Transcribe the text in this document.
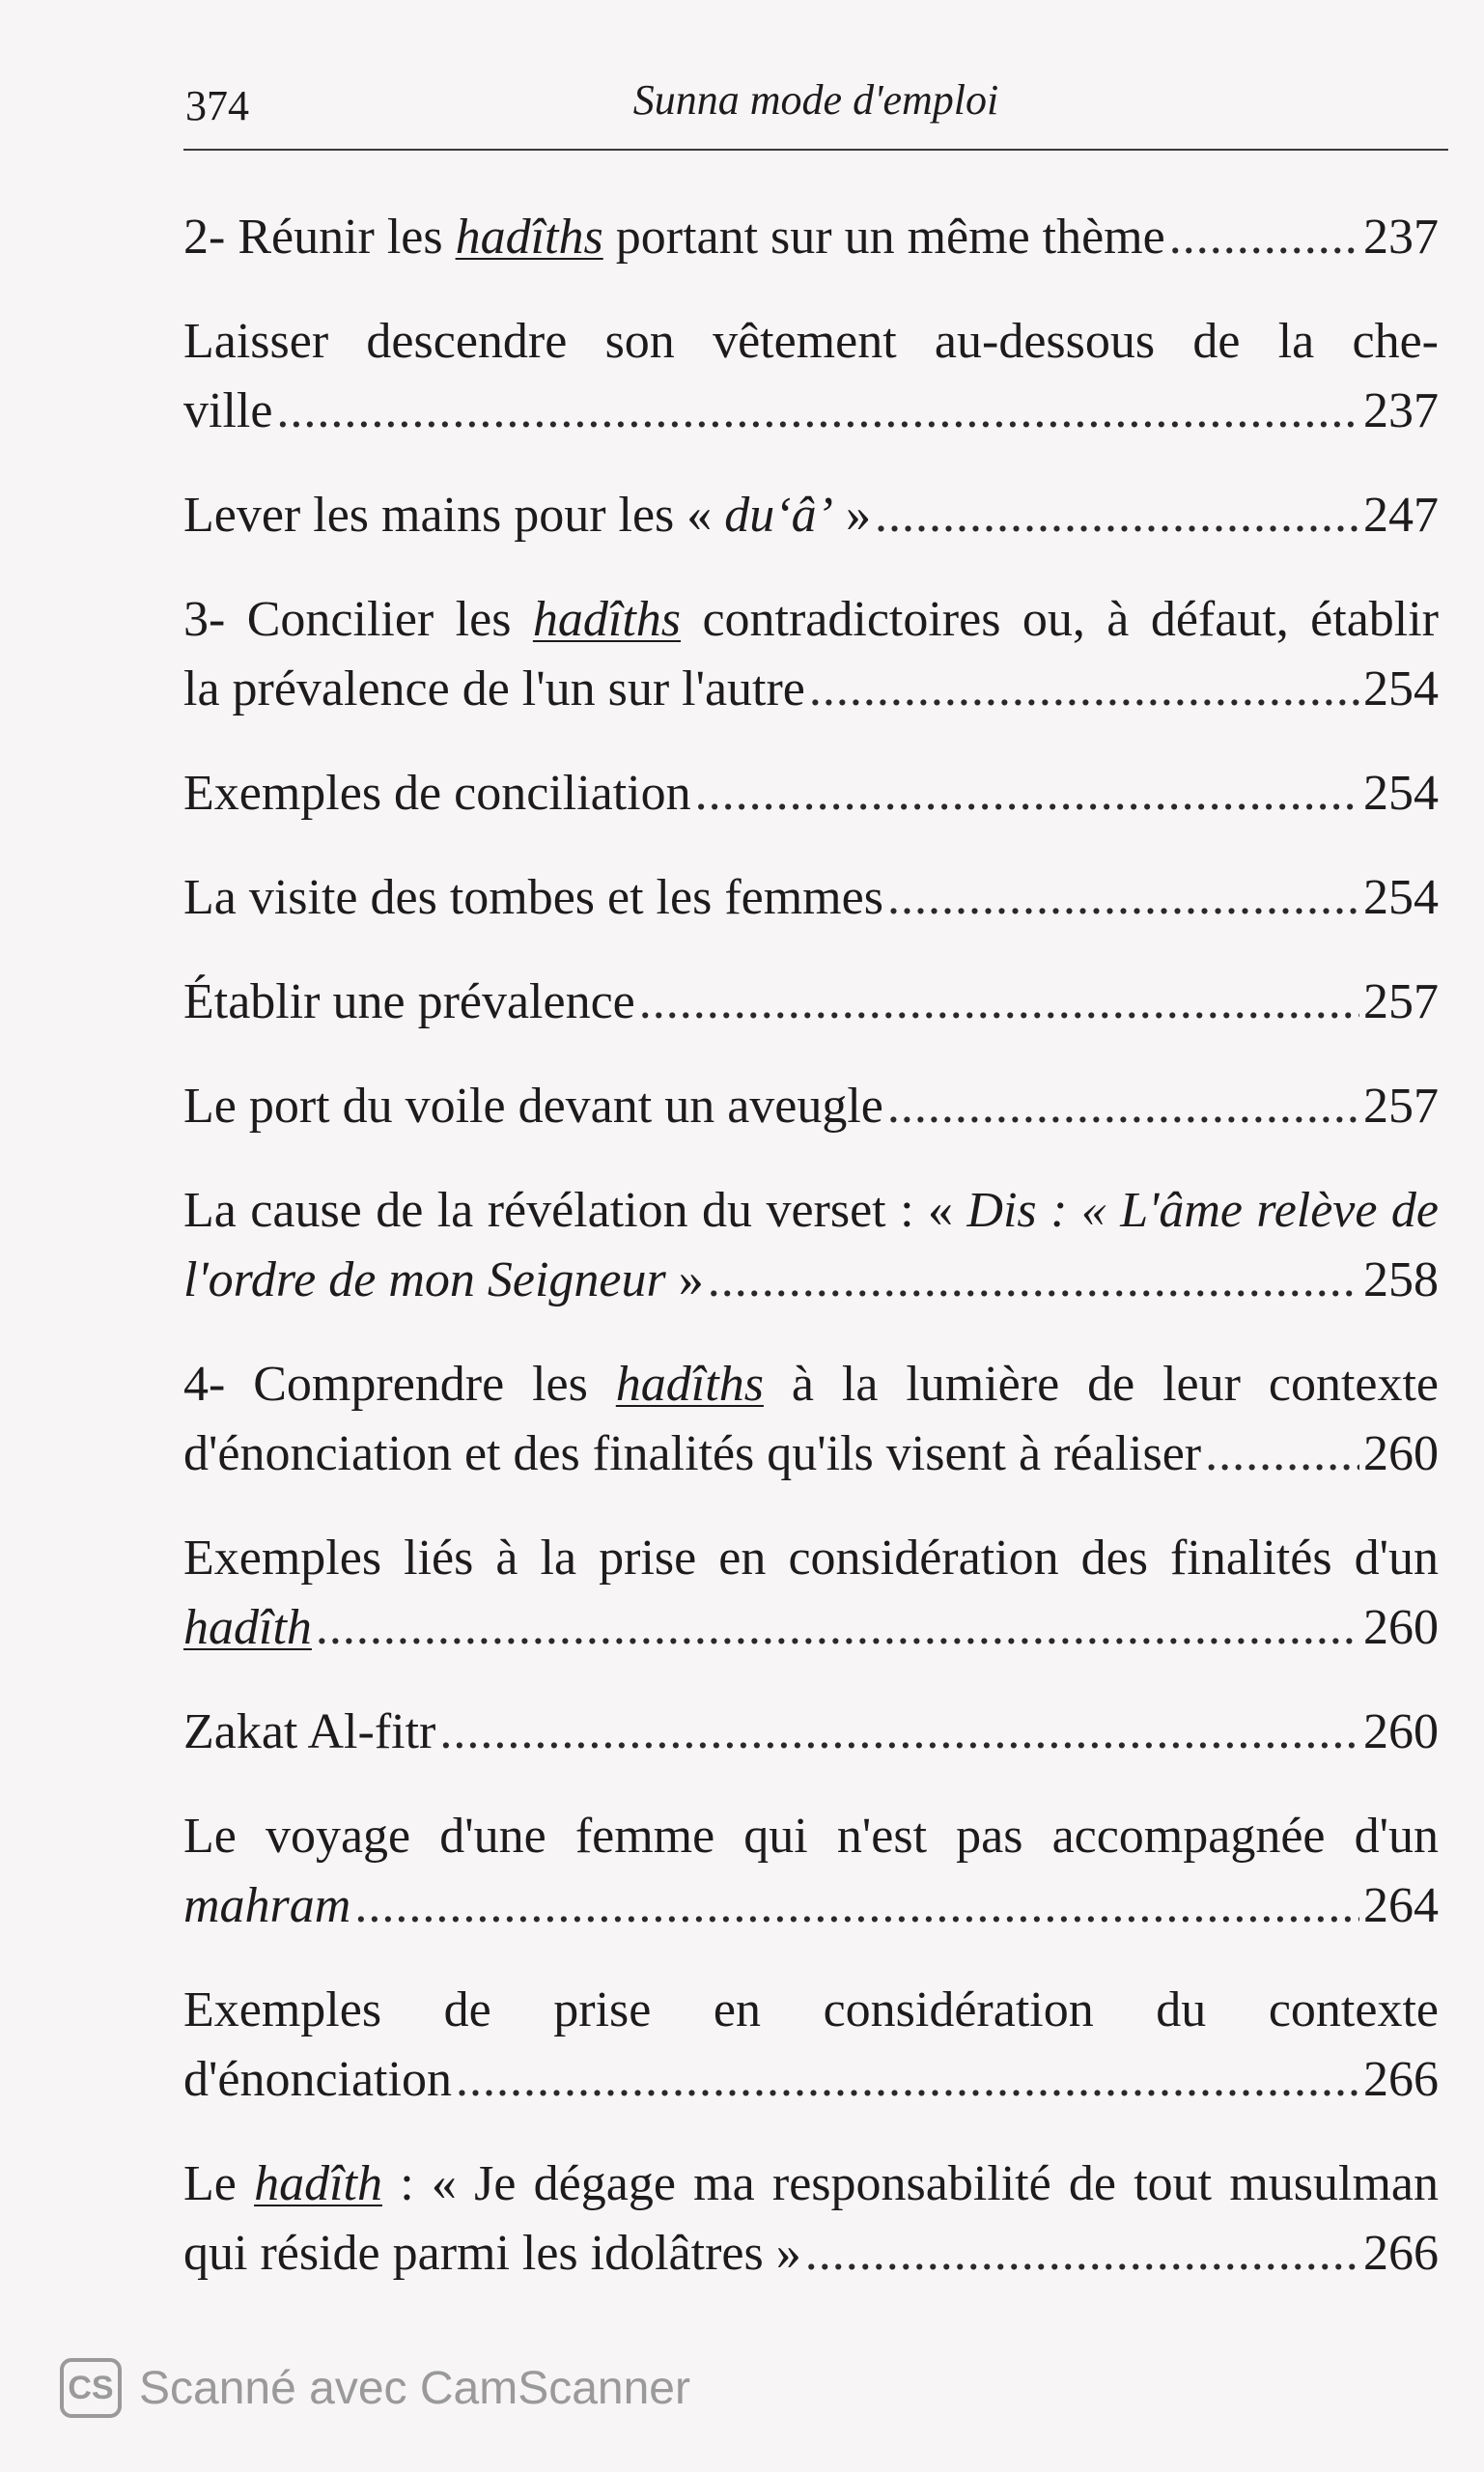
374	Sunna mode d'emploi
2- Réunir les hadîths portant sur un même thème .....	237
Laisser descendre son vêtement au-dessous de la che-
ville .....	237
Lever les mains pour les « du‘â’ » .....	247
3- Concilier les hadîths contradictoires ou, à défaut, établir
la prévalence de l'un sur l'autre .....	254
Exemples de conciliation .....	254
La visite des tombes et les femmes .....	254
Établir une prévalence .....	257
Le port du voile devant un aveugle .....	257
La cause de la révélation du verset : « Dis : « L'âme relève de
l'ordre de mon Seigneur » .....	258
4- Comprendre les hadîths à la lumière de leur contexte
d'énonciation et des finalités qu'ils visent à réaliser .....	260
Exemples liés à la prise en considération des finalités d'un
hadîth .....	260
Zakat Al-fitr .....	260
Le voyage d'une femme qui n'est pas accompagnée d'un
mahram .....	264
Exemples de prise en considération du contexte
d'énonciation .....	266
Le hadîth : « Je dégage ma responsabilité de tout musulman
qui réside parmi les idolâtres » .....	266
CS Scanné avec CamScanner
